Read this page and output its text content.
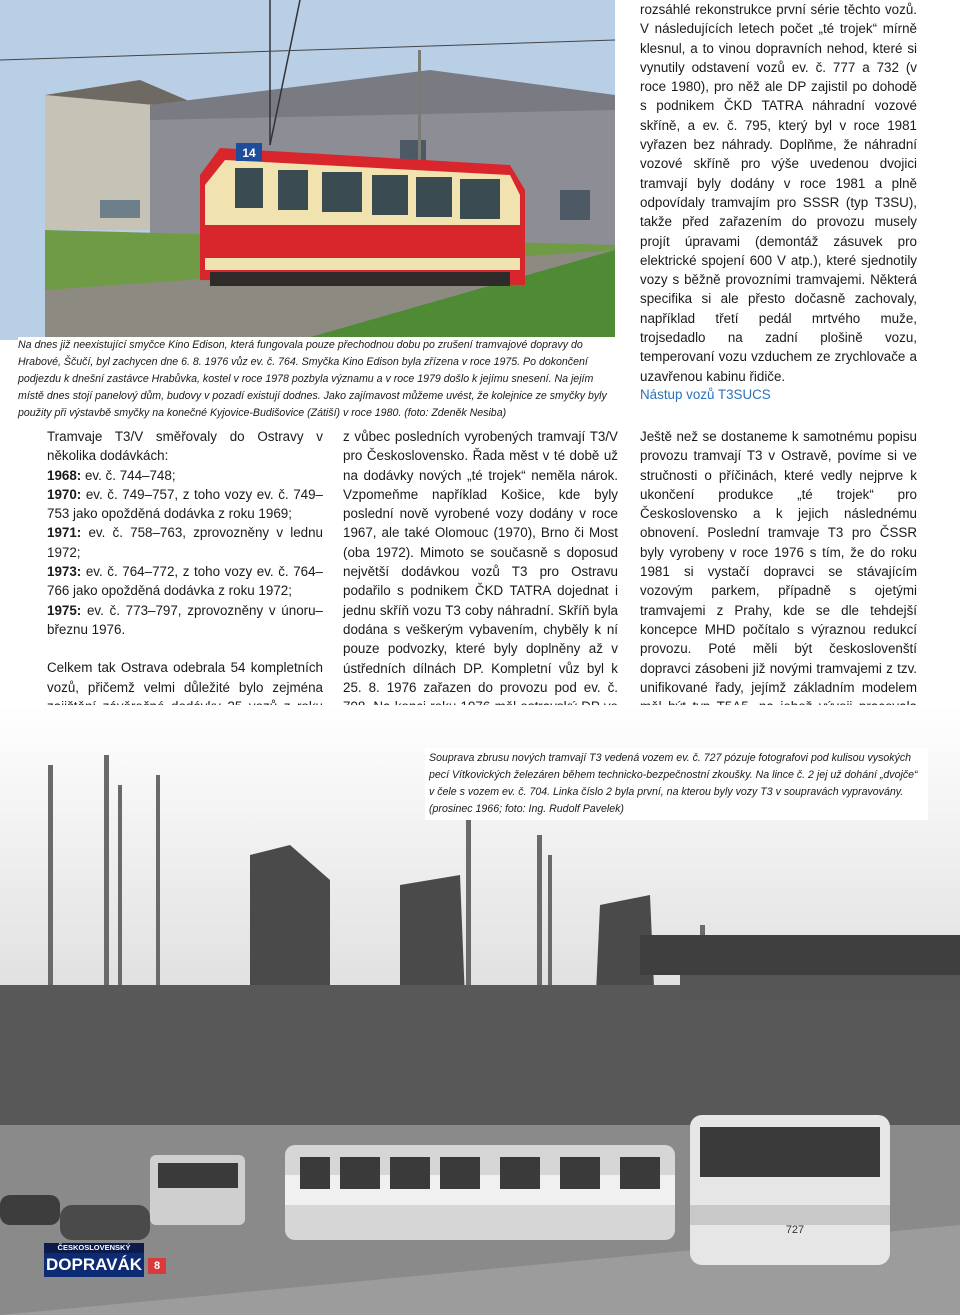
14
Na dnes již neexistující smyčce Kino Edison, která fungovala pouze přechodnou dobu po zrušení tramvajové dopravy do Hrabové, Ščučí, byl zachycen dne 6. 8. 1976 vůz ev. č. 764. Smyčka Kino Edison byla zřízena v roce 1975. Po dokončení podjezdu k dnešní zastávce Hrabůvka, kostel v roce 1978 pozbyla významu a v roce 1979 došlo k jejímu snesení. Na jejím místě dnes stojí panelový dům, budovy v pozadí existují dodnes. Jako zajímavost můžeme uvést, že kolejnice ze smyčky byly použity při výstavbě smyčky na konečné Kyjovice-Budišovice (Zátiší) v roce 1980. (foto: Zdeněk Nesiba)

Tramvaje T3/V směřovaly do Ostravy v několika dodávkách:

1968: ev. č. 744–748;

1970: ev. č. 749–757, z toho vozy ev. č. 749–753 jako opožděná dodávka z roku 1969;

1971: ev. č. 758–763, zprovozněny v lednu 1972;

1973: ev. č. 764–772, z toho vozy ev. č. 764–766 jako opožděná dodávka z roku 1972;

1975: ev. č. 773–797, zprovozněny v únoru–březnu 1976.

Celkem tak Ostrava odebrala 54 kompletních vozů, přičemž velmi důležité bylo zejména

z vůbec posledních vyrobených tramvají T3/V pro Československo. Řada měst v té době už na dodávky nových „té trojek“ neměla nárok. Vzpomeňme například Košice, kde byly poslední nově vyrobené vozy dodány v roce 1967, ale také Olomouc (1970), Brno či Most (oba 1972). Mimoto se současně s doposud největší dodávkou vozů T3 pro Ostravu podařilo s podnikem ČKD TATRA dojednat i jednu skříň vozu T3 coby náhradní. Skříň byla dodána s veškerým vybavením, chyběly k ní pouze podvozky, které byly doplněny až v ústředních dílnách DP. Kompletní vůz byl k 25. 8. 1976 zařazen do provozu pod ev. č.

rozsáhlé rekonstrukce první série těchto vozů. V následujících letech počet „té trojek“ mírně klesnul, a to vinou dopravních nehod, které si vynutily odstavení vozů ev. č. 777 a 732 (v roce 1980), pro něž ale DP zajistil po dohodě s podnikem ČKD TATRA náhradní vozové skříně, a ev. č. 795, který byl v roce 1981 vyřazen bez náhrady. Doplňme, že náhradní vozové skříně pro výše uvedenou dvojici tramvají byly dodány v roce 1981 a plně odpovídaly tramvajím pro SSSR (typ T3SU), takže před zařazením do provozu musely projít úpravami (demontáž zásuvek pro elektrické spojení 600 V atp.), které sjednotily vozy s běžně provozními tramvajemi. Některá specifika si ale přesto dočasně zachovaly, například třetí pedál mrtvého muže, trojsedadlo na zadní plošině vozu, temperovaní vozu vzduchem ze zrychlovače a uzavřenou kabinu řidiče.

Nástup vozů T3SUCS

Ještě než se dostaneme k samotnému popisu provozu tramvají T3 v Ostravě, povíme si ve stručnosti o příčinách, které vedly nejprve k ukončení produkce „té trojek“ pro Československo a k jejich následnému obnovení. Poslední tramvaje T3 pro ČSSR byly vyrobeny v roce 1976 s tím, že do roku 1981 si vystačí dopravci se stávajícím vozovým parkem, případně s ojetými tramvajemi z Prahy, kde se dle tehdejší koncepce MHD počítalo s výraznou redukcí provozu. Poté měli být českoslovenští dopravci zásobeni již novými tramvajemi z tzv. unifikované řady, jejímž základním modelem

727
Souprava zbrusu nových tramvají T3 vedená vozem ev. č. 727 pózuje fotografovi pod kulisou vysokých pecí Vítkovických železáren během technicko-bezpečnostní zkoušky. Na lince č. 2 jej už dohání „dvojče“ v čele s vozem ev. č. 704. Linka číslo 2 byla první, na kterou byly vozy T3 v soupravách vypravovány. (prosinec 1966; foto: Ing. Rudolf Pavelek)
ČESKOSLOVENSKÝ
DOPRAVÁK	8
